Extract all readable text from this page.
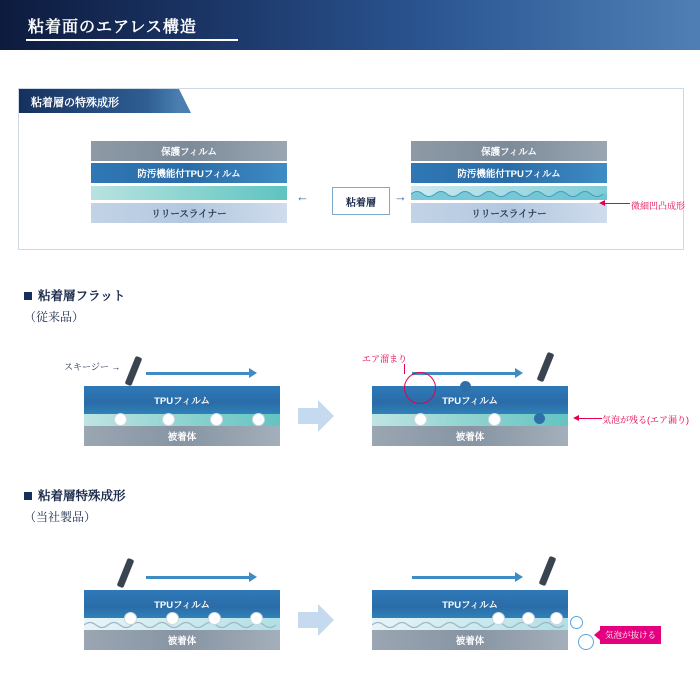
粘着面のエアレス構造
粘着層の特殊成形
保護フィルム
防汚機能付TPUフィルム
リリースライナー
←	粘着層	→
保護フィルム
防汚機能付TPUフィルム
リリースライナー
微細凹凸成形
粘着層フラット
（従来品）
スキージー →
TPUフィルム
被着体
TPUフィルム
被着体
エア溜まり
気泡が残る(エア漏り)
粘着層特殊成形
（当社製品）
TPUフィルム
被着体
TPUフィルム
被着体
気泡が抜ける
